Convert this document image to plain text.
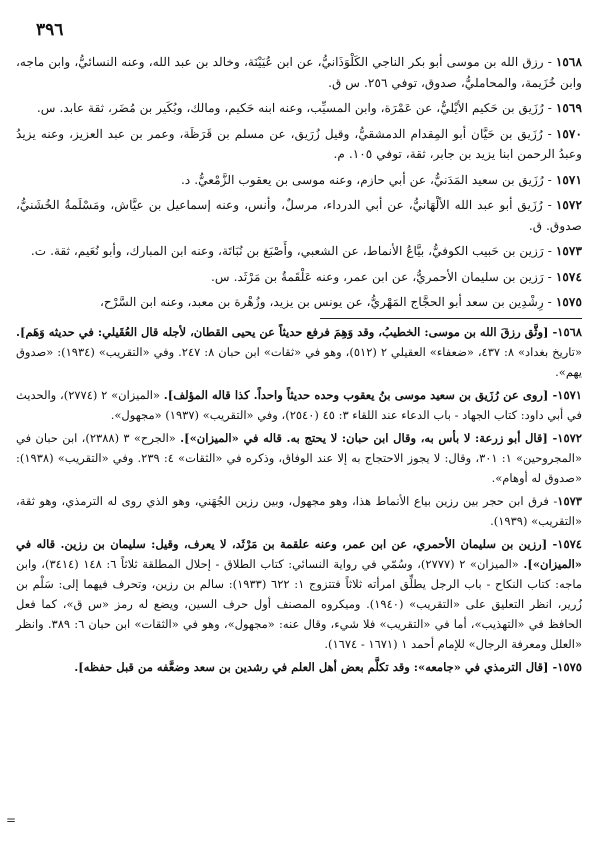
٣٩٦

١٥٦٨- رزق الله بن موسى أبو بكر الناجي الكَلْوَذَانيُّ، عن ابن عُيَيْنَة، وخالد بن عبد الله، وعنه النسائيُّ، وابن ماجه، وابن خُزَيمة، والمحامليُّ، صدوق، توفي ٢٥٦. س ق.

١٥٦٩- رُزَيق بن حَكيم الأيْليُّ، عن عَمْرَة، وابن المسيِّب، وعنه ابنه حَكيم، ومالك، وبُكَير بن مُضَر، ثقة عابد. س.

١٥٧٠- رُزَيق بن حَيَّان أبو المِقدام الدمشقيُّ، وقيل زُرَيق، عن مسلم بن قَرَظَة، وعمر بن عبد العزيز، وعنه يزيدُ وعبدُ الرحمن ابنا يزيد بن جابر، ثقة، توفي ١٠٥. م.

١٥٧١- رُزَيق بن سعيد المَدَنيُّ، عن أبي حازم، وعنه موسى بن يعقوب الزَّمْعيُّ. د.

١٥٧٢- رُزَيق أبو عبد الله الألْهَانيُّ، عن أبي الدرداء، مرسلٌ، وأنس، وعنه إسماعيل بن عيَّاش، ومَسْلَمةُ الخُشَنيُّ، صدوق. ق.

١٥٧٣- رَزين بن حَبيب الكوفيُّ، بيَّاعُ الأنماط، عن الشعبي، وأَصْبَغ بن نُبَاتَة، وعنه ابن المبارك، وأبو نُعَيم، ثقة. ت.

١٥٧٤- رَزين بن سليمان الأحمريُّ، عن ابن عمر، وعنه عَلْقَمةُ بن مَرْثَد. س.

١٥٧٥- رِشْدِين بن سعد أبو الحجَّاج المَهْريُّ، عن يونس بن يزيد، وزُهْرة بن معبد، وعنه ابن السَّرْح،

١٥٦٨- [وثَّق رزقَ الله بن موسى: الخطيبُ، وقد وَهِمَ فرفع حديثاً عن يحيى القطان، لأجله قال العُقَيلي: في حديثه وَهَم]. «تاريخ بغداد» ٨: ٤٣٧، «ضعفاء» العقيلي ٢ (٥١٢)، وهو في «ثقات» ابن حبان ٨: ٢٤٧. وفي «التقريب» (١٩٣٤): «صدوق يهم».

١٥٧١- [روى عن رُزَيق بن سعيد موسى بنُ يعقوب وحده حديثاً واحداً. كذا قاله المؤلف]. «الميزان» ٢ (٢٧٧٤)، والحديث في أبي داود: كتاب الجهاد - باب الدعاء عند اللقاء ٣: ٤٥ (٢٥٤٠)، وفي «التقريب» (١٩٣٧) «مجهول».

١٥٧٢- [قال أبو زرعة: لا بأس به، وقال ابن حبان: لا يحتج به. قاله في «الميزان»]. «الجرح» ٣ (٢٣٨٨)، ابن حبان في «المجروحين» ١: ٣٠١، وقال: لا يجوز الاحتجاج به إلا عند الوفاق، وذكره في «الثقات» ٤: ٢٣٩. وفي «التقريب» (١٩٣٨): «صدوق له أوهام».

١٥٧٣- فرق ابن حجر بين رزين بياع الأنماط هذا، وهو مجهول، وبين رزين الجُهَني، وهو الذي روى له الترمذي، وهو ثقة، «التقريب» (١٩٣٩).

١٥٧٤- [رزين بن سليمان الأحمري، عن ابن عمر، وعنه علقمة بن مَرْثَد، لا يعرف، وقيل: سليمان بن رزين. قاله في «الميزان»]. «الميزان» ٢ (٢٧٧٧)، وسُمّي في رواية النسائي: كتاب الطلاق - إحلال المطلقة ثلاثاً ٦: ١٤٨ (٣٤١٤)، وابن ماجه: كتاب النكاح - باب الرجل يطلِّق امرأته ثلاثاً فتتزوج ١: ٦٢٢ (١٩٣٣): سالم بن رزين، وتحرف فيهما إلى: سَلْم بن زُرير، انظر التعليق على «التقريب» (١٩٤٠). وميكروه المصنف أول حرف السين، ويضع له رمز «س ق»، كما فعل الحافظ في «التهذيب»، أما في «التقريب» فلا شيء، وقال عنه: «مجهول»، وهو في «الثقات» ابن حبان ٦: ٣٨٩. وانظر «العلل ومعرفة الرجال» للإمام أحمد ١ (١٦٧١ - ١٦٧٤).

١٥٧٥- [قال الترمذي في «جامعه»: وقد تكلَّم بعض أهل العلم في رشدين بن سعد وضعَّفه من قبل حفظه].

=
